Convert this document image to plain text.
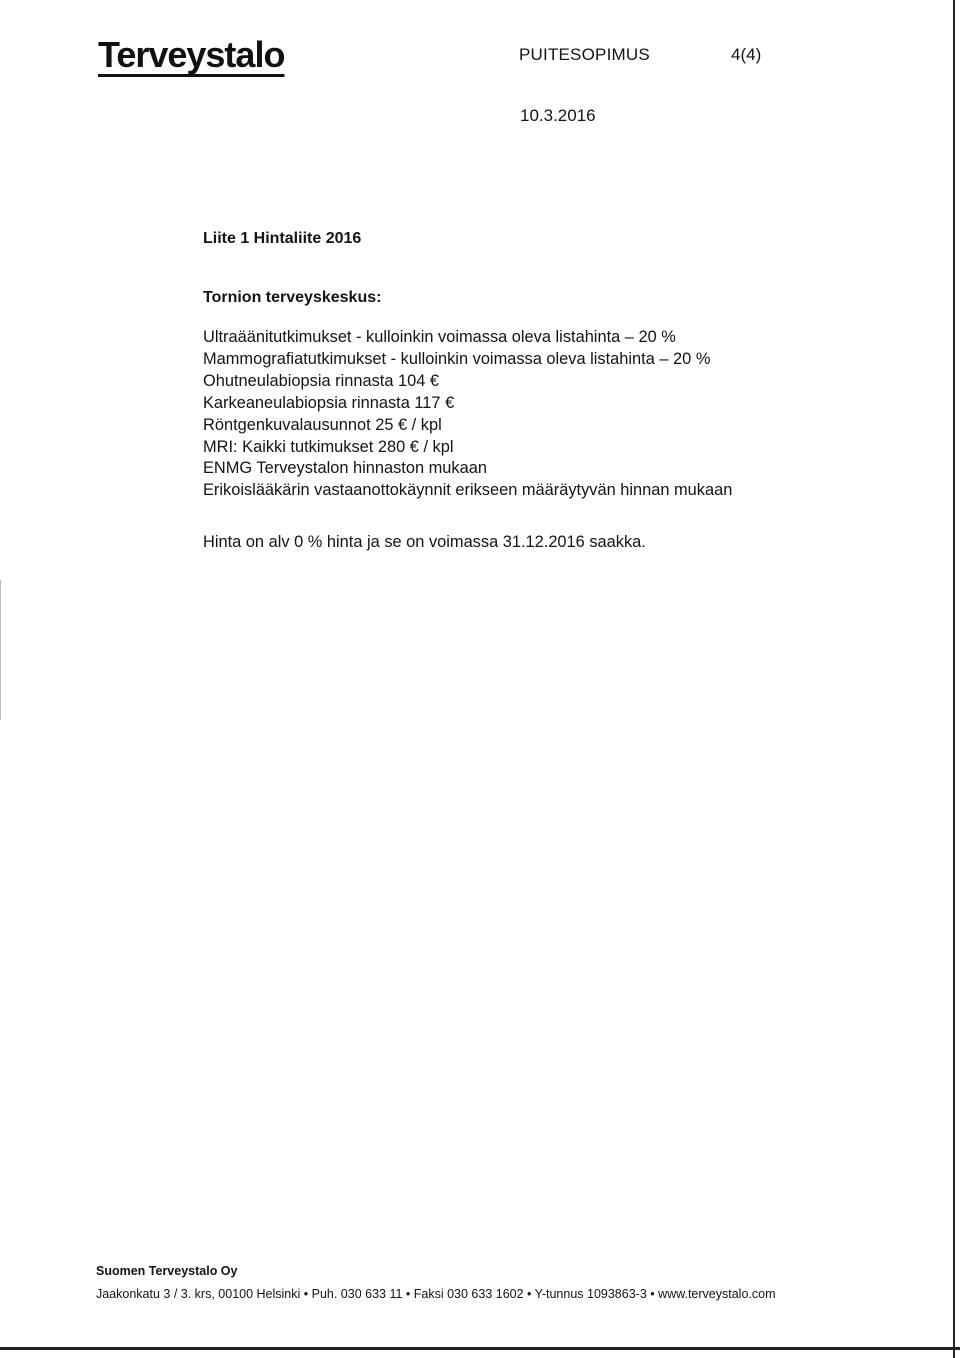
Terveystalo	PUITESOPIMUS	4(4)
10.3.2016
Liite 1 Hintaliite 2016
Tornion terveyskeskus:
Ultraäänitutkimukset - kulloinkin voimassa oleva listahinta – 20 %
Mammografiatutkimukset - kulloinkin voimassa oleva listahinta – 20 %
Ohutneulabiopsia rinnasta 104 €
Karkeaneulabiopsia rinnasta 117 €
Röntgenkuvalausunnot 25 € / kpl
MRI: Kaikki tutkimukset 280 € / kpl
ENMG Terveystalon hinnaston mukaan
Erikoislääkärin vastaanottokäynnit erikseen määräytyvän hinnan mukaan
Hinta on alv 0 % hinta ja se on voimassa 31.12.2016 saakka.
Suomen Terveystalo Oy
Jaakonkatu 3 / 3. krs, 00100 Helsinki • Puh. 030 633 11 • Faksi 030 633 1602 • Y-tunnus 1093863-3 • www.terveystalo.com
